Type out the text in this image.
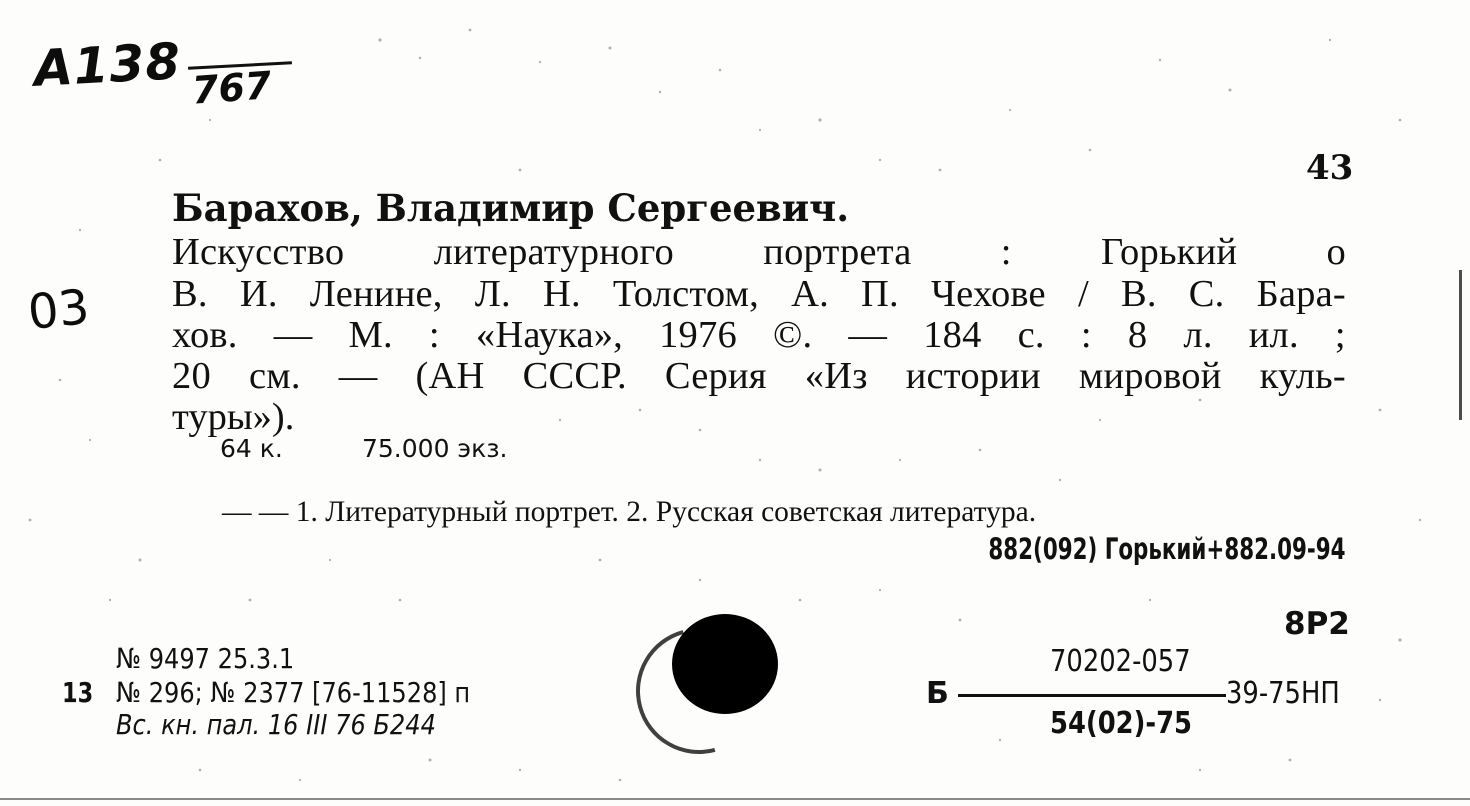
А138 767
03
43
Барахов, Владимир Сергеевич.
Искусство литературного портрета : Горький о
В. И. Ленине, Л. Н. Толстом, А. П. Чехове / В. С. Бара-
хов. — М. : «Наука», 1976 ©. — 184 с. : 8 л. ил. ;
20 см. — (АН СССР. Серия «Из истории мировой куль-
туры»).
64 к.	75.000 экз.
— — 1. Литературный портрет. 2. Русская советская литература.
882(092) Горький+882.09-94
8Р2
13
№ 9497 25.3.1
№ 296; № 2377 [76-11528] п
Вс. кн. пал. 16 III 76 Б244
70202-057
Б	39-75НП
54(02)-75
